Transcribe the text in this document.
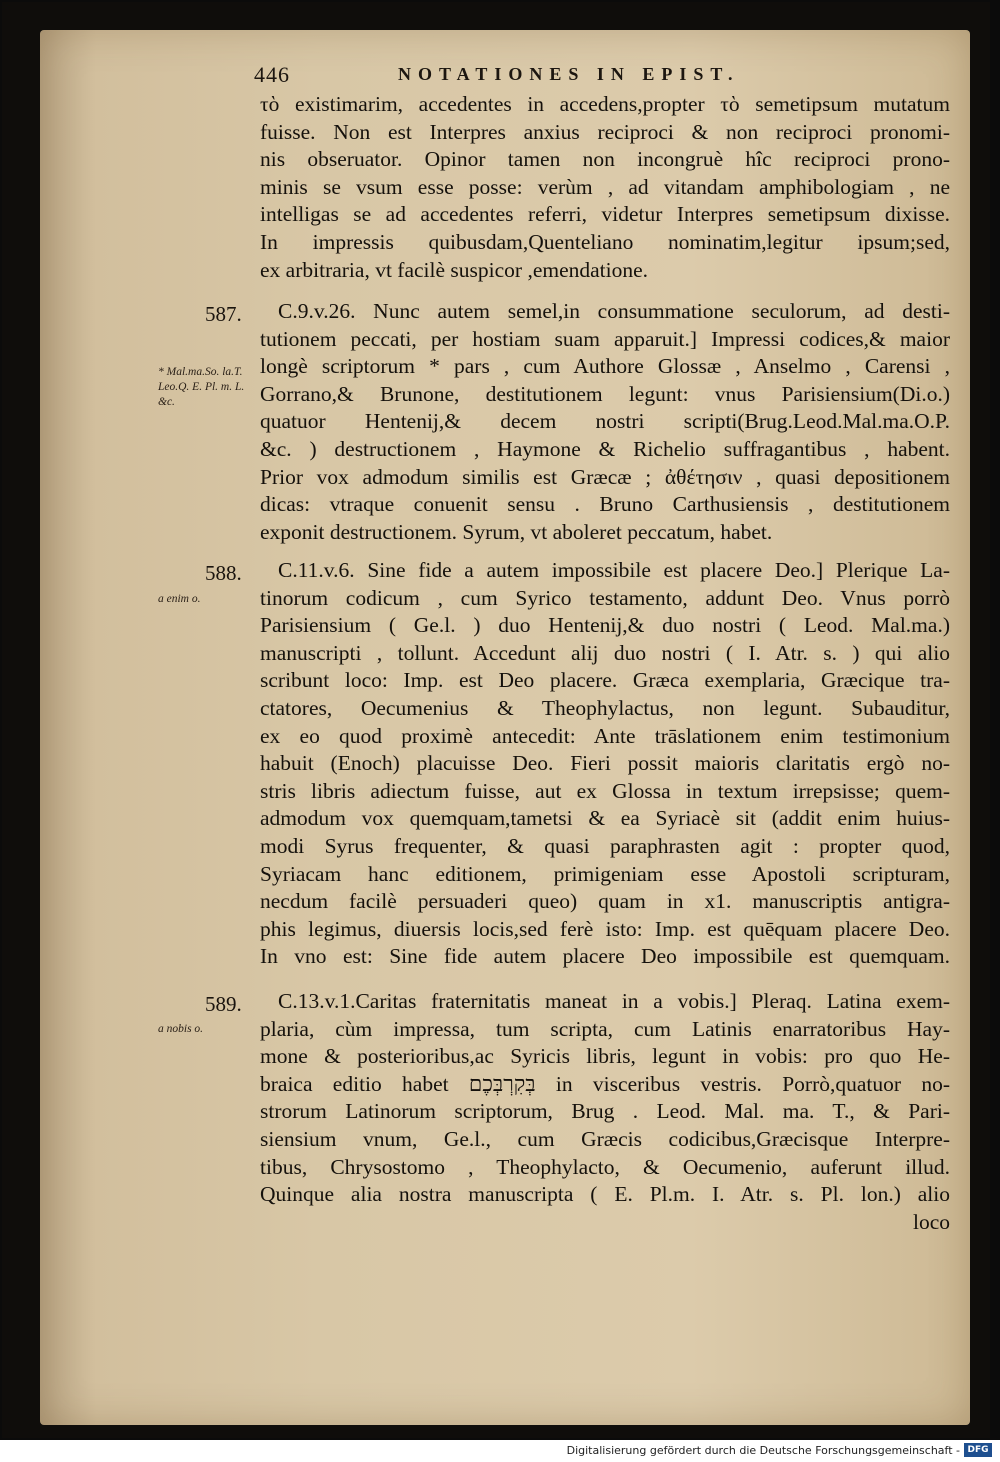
446	NOTATIONES IN EPIST.
τὸ existimarim, accedentes in accedens,propter τὸ semetipsum mutatum
fuisse. Non est Interpres anxius reciproci & non reciproci pronomi-
nis obseruator. Opinor tamen non incongruè hîc reciproci prono-
minis se vsum esse posse: verùm , ad vitandam amphibologiam , ne
intelligas se ad accedentes referri, videtur Interpres semetipsum dixisse.
In impressis quibusdam,Quenteliano nominatim,legitur ipsum;sed,
ex arbitraria, vt facilè suspicor ,emendatione.
587.
* Mal.ma.So. la.T. Leo.Q. E. Pl. m. L. &c.
C.9.v.26. Nunc autem semel,in consummatione seculorum, ad desti-
tutionem peccati, per hostiam suam apparuit.] Impressi codices,& maior
longè scriptorum * pars , cum Authore Glossæ , Anselmo , Carensi ,
Gorrano,& Brunone, destitutionem legunt: vnus Parisiensium(Di.o.)
quatuor Hentenij,& decem nostri scripti(Brug.Leod.Mal.ma.O.P.
&c. ) destructionem , Haymone & Richelio suffragantibus , habent.
Prior vox admodum similis est Græcæ ; ἀθέτησιν , quasi depositionem
dicas: vtraque conuenit sensu . Bruno Carthusiensis , destitutionem
exponit destructionem. Syrum, vt aboleret peccatum, habet.
588.
a enim o.
C.11.v.6. Sine fide a autem impossibile est placere Deo.] Plerique La-
tinorum codicum , cum Syrico testamento, addunt Deo. Vnus porrò
Parisiensium ( Ge.l. ) duo Hentenij,& duo nostri ( Leod. Mal.ma.)
manuscripti , tollunt. Accedunt alij duo nostri ( I. Atr. s. ) qui alio
scribunt loco: Imp. est Deo placere. Græca exemplaria, Græcique tra-
ctatores, Oecumenius & Theophylactus, non legunt. Subauditur,
ex eo quod proximè antecedit: Ante trāslationem enim testimonium
habuit (Enoch) placuisse Deo. Fieri possit maioris claritatis ergò no-
stris libris adiectum fuisse, aut ex Glossa in textum irrepsisse; quem-
admodum vox quemquam,tametsi & ea Syriacè sit (addit enim huius-
modi Syrus frequenter, & quasi paraphrasten agit : propter quod,
Syriacam hanc editionem, primigeniam esse Apostoli scripturam,
necdum facilè persuaderi queo) quam in x1. manuscriptis antigra-
phis legimus, diuersis locis,sed ferè isto: Imp. est quēquam placere Deo.
In vno est: Sine fide autem placere Deo impossibile est quemquam.
589.
a nobis o.
C.13.v.1.Caritas fraternitatis maneat in a vobis.] Pleraq. Latina exem-
plaria, cùm impressa, tum scripta, cum Latinis enarratoribus Hay-
mone & posterioribus,ac Syricis libris, legunt in vobis: pro quo He-
braica editio habet בְּקִרְבְּכֶם in visceribus vestris. Porrò,quatuor no-
strorum Latinorum scriptorum, Brug . Leod. Mal. ma. T., & Pari-
siensium vnum, Ge.l., cum Græcis codicibus,Græcisque Interpre-
tibus, Chrysostomo , Theophylacto, & Oecumenio, auferunt illud.
Quinque alia nostra manuscripta ( E. Pl.m. I. Atr. s. Pl. lon.) alio
loco
Digitalisierung gefördert durch die Deutsche Forschungsgemeinschaft - DFG
